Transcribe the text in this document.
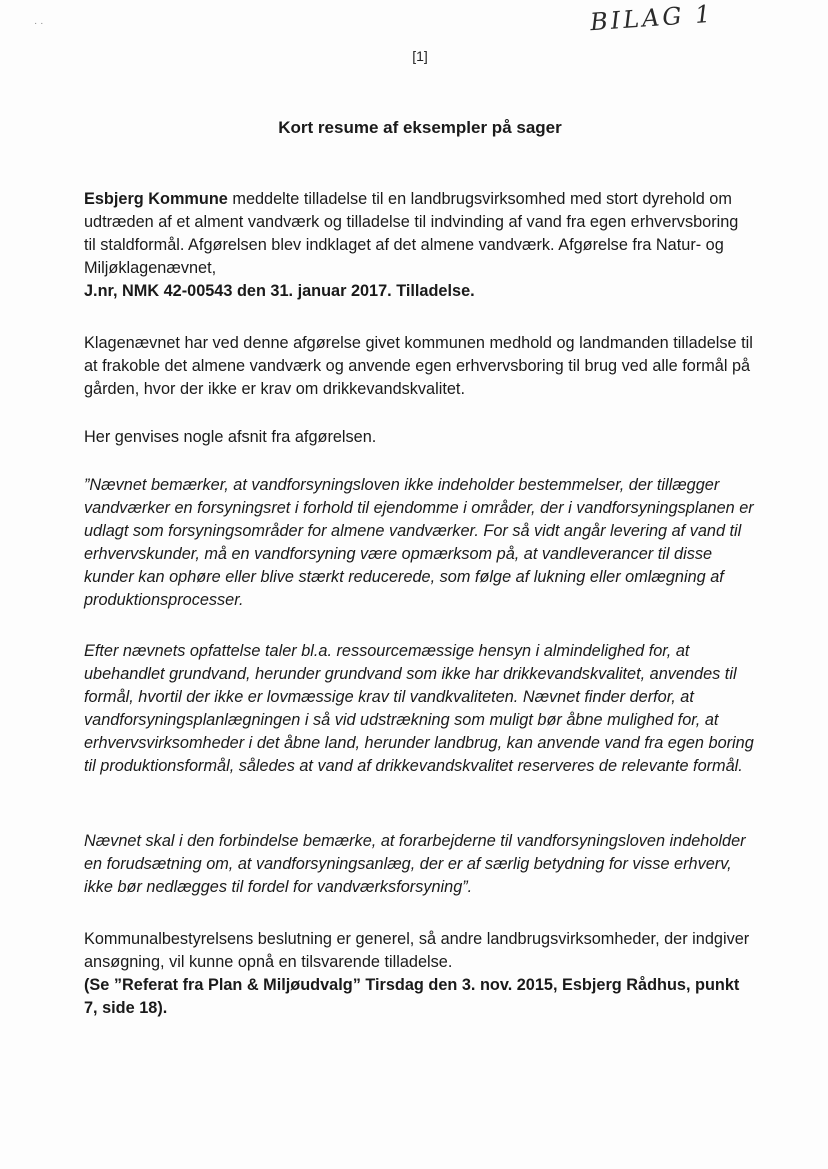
· ·	BILAG 1
[1]
Kort resume af eksempler på sager

Esbjerg Kommune meddelte tilladelse til en landbrugsvirksomhed med stort dyrehold om udtræden af et alment vandværk og tilladelse til indvinding af vand fra egen erhvervsboring til staldformål. Afgørelsen blev indklaget af det almene vandværk. Afgørelse fra Natur- og Miljøklagenævnet,

J.nr, NMK 42-00543 den 31. januar 2017. Tilladelse.

Klagenævnet har ved denne afgørelse givet kommunen medhold og landmanden tilladelse til at frakoble det almene vandværk og anvende egen erhvervsboring til brug ved alle formål på gården, hvor der ikke er krav om drikkevandskvalitet.

Her genvises nogle afsnit fra afgørelsen.

”Nævnet bemærker, at vandforsyningsloven ikke indeholder bestemmelser, der tillægger vandværker en forsyningsret i forhold til ejendomme i områder, der i vandforsyningsplanen er udlagt som forsyningsområder for almene vandværker. For så vidt angår levering af vand til erhvervskunder, må en vandforsyning være opmærksom på, at vandleverancer til disse kunder kan ophøre eller blive stærkt reducerede, som følge af lukning eller omlægning af produktionsprocesser.

Efter nævnets opfattelse taler bl.a. ressourcemæssige hensyn i almindelighed for, at ubehandlet grundvand, herunder grundvand som ikke har drikkevandskvalitet, anvendes til formål, hvortil der ikke er lovmæssige krav til vandkvaliteten. Nævnet finder derfor, at vandforsyningsplanlægningen i så vid udstrækning som muligt bør åbne mulighed for, at erhvervsvirksomheder i det åbne land, herunder landbrug, kan anvende vand fra egen boring til produktionsformål, således at vand af drikkevandskvalitet reserveres de relevante formål.

Nævnet skal i den forbindelse bemærke, at forarbejderne til vandforsyningsloven indeholder en forudsætning om, at vandforsyningsanlæg, der er af særlig betydning for visse erhverv, ikke bør nedlægges til fordel for vandværksforsyning”.

Kommunalbestyrelsens beslutning er generel, så andre landbrugsvirksomheder, der indgiver ansøgning, vil kunne opnå en tilsvarende tilladelse.

(Se ”Referat fra Plan & Miljøudvalg” Tirsdag den 3. nov. 2015, Esbjerg Rådhus, punkt 7, side 18).
